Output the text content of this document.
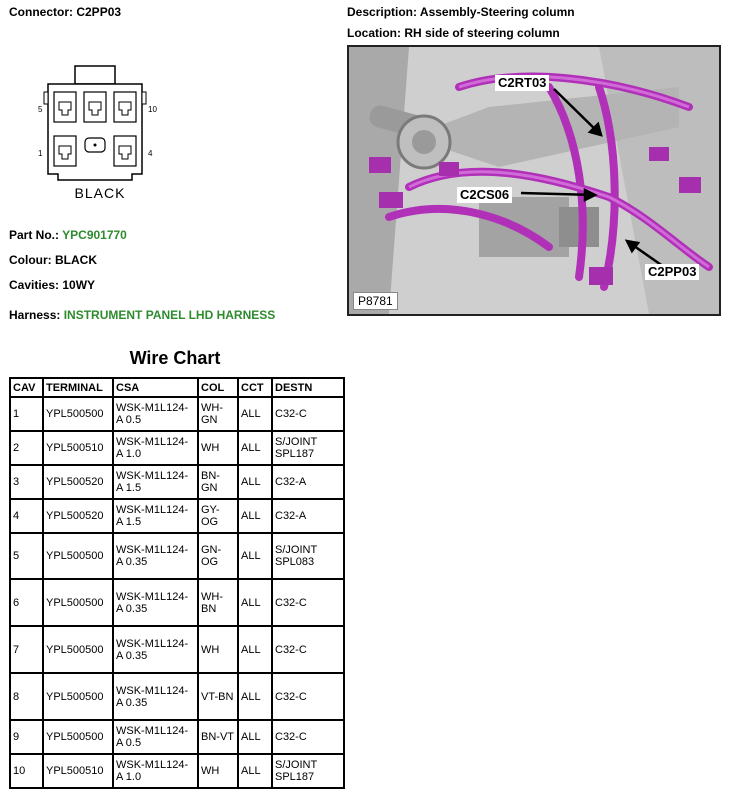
Connector: C2PP03	Description: Assembly-Steering column
Location: RH side of steering column
5	10
1	4
BLACK
Part No.: YPC901770
Colour: BLACK
Cavities: 10WY
Harness: INSTRUMENT PANEL LHD HARNESS
C2RT03
C2CS06
C2PP03
P8781
Wire Chart
CAV	TERMINAL	CSA	COL	CCT	DESTN
1	YPL500500	WSK-M1L124-A 0.5	WH-GN	ALL	C32-C
2	YPL500510	WSK-M1L124-A 1.0	WH	ALL	S/JOINT SPL187
3	YPL500520	WSK-M1L124-A 1.5	BN-GN	ALL	C32-A
4	YPL500520	WSK-M1L124-A 1.5	GY-OG	ALL	C32-A
5	YPL500500	WSK-M1L124-A 0.35	GN-OG	ALL	S/JOINT SPL083
6	YPL500500	WSK-M1L124-A 0.35	WH-BN	ALL	C32-C
7	YPL500500	WSK-M1L124-A 0.35	WH	ALL	C32-C
8	YPL500500	WSK-M1L124-A 0.35	VT-BN	ALL	C32-C
9	YPL500500	WSK-M1L124-A 0.5	BN-VT	ALL	C32-C
10	YPL500510	WSK-M1L124-A 1.0	WH	ALL	S/JOINT SPL187
